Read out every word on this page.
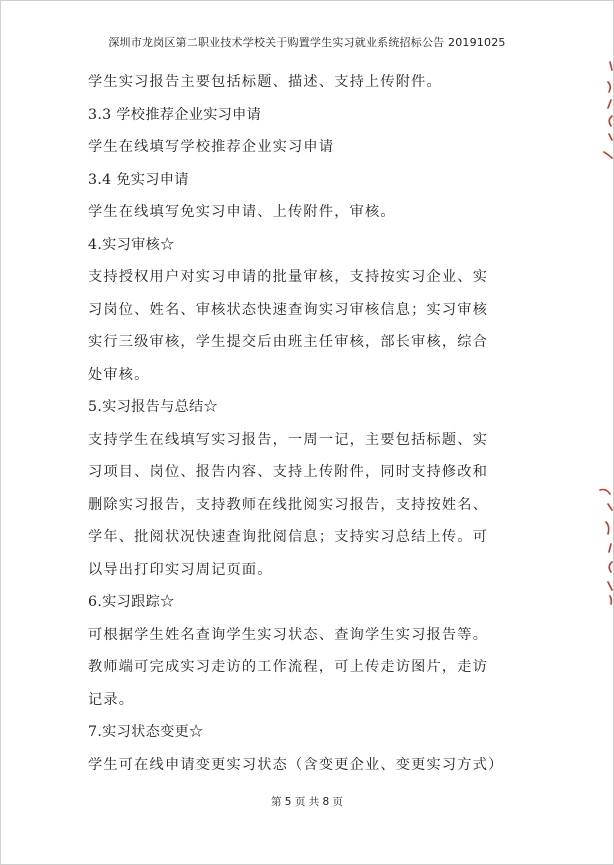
深圳市龙岗区第二职业技术学校关于购置学生实习就业系统招标公告 20191025
学生实习报告主要包括标题、描述、支持上传附件。
3.3 学校推荐企业实习申请
学生在线填写学校推荐企业实习申请
3.4 免实习申请
学生在线填写免实习申请、上传附件，审核。
4.实习审核☆
支持授权用户对实习申请的批量审核，支持按实习企业、实
习岗位、姓名、审核状态快速查询实习审核信息；实习审核
实行三级审核，学生提交后由班主任审核，部长审核，综合
处审核。
5.实习报告与总结☆
支持学生在线填写实习报告，一周一记，主要包括标题、实
习项目、岗位、报告内容、支持上传附件，同时支持修改和
删除实习报告，支持教师在线批阅实习报告，支持按姓名、
学年、批阅状况快速查询批阅信息；支持实习总结上传。可
以导出打印实习周记页面。
6.实习跟踪☆
可根据学生姓名查询学生实习状态、查询学生实习报告等。
教师端可完成实习走访的工作流程，可上传走访图片，走访
记录。
7.实习状态变更☆
学生可在线申请变更实习状态（含变更企业、变更实习方式）
第 5 页 共 8 页
